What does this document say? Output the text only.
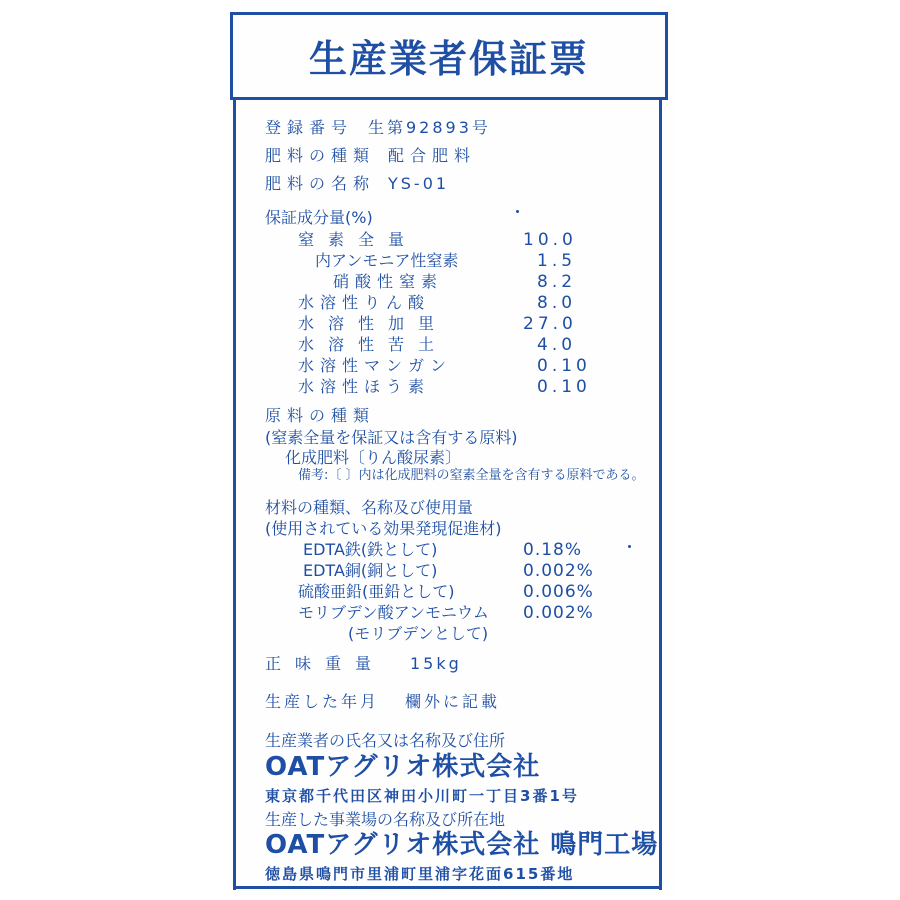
生産業者保証票
登録番号 生第92893号
肥料の種類 配合肥料
肥料の名称 YS-01
保証成分量(%)
窒素全量	10.0
内アンモニア性窒素	1.5
硝酸性窒素	8.2
水溶性りん酸	8.0
水溶性加里	27.0
水溶性苦土	4.0
水溶性マンガン	0.10
水溶性ほう素	0.10
原料の種類
(窒素全量を保証又は含有する原料)
化成肥料〔りん酸尿素〕
備考:〔 〕内は化成肥料の窒素全量を含有する原料である。
材料の種類、名称及び使用量
(使用されている効果発現促進材)
EDTA鉄(鉄として)	0.18%
EDTA銅(銅として)	0.002%
硫酸亜鉛(亜鉛として)	0.006%
モリブデン酸アンモニウム 0.002%
(モリブデンとして)
正味重量 15kg
生産した年月 欄外に記載
生産業者の氏名又は名称及び住所
OATアグリオ株式会社
東京都千代田区神田小川町一丁目3番1号
生産した事業場の名称及び所在地
OATアグリオ株式会社 鳴門工場
徳島県鳴門市里浦町里浦字花面615番地
